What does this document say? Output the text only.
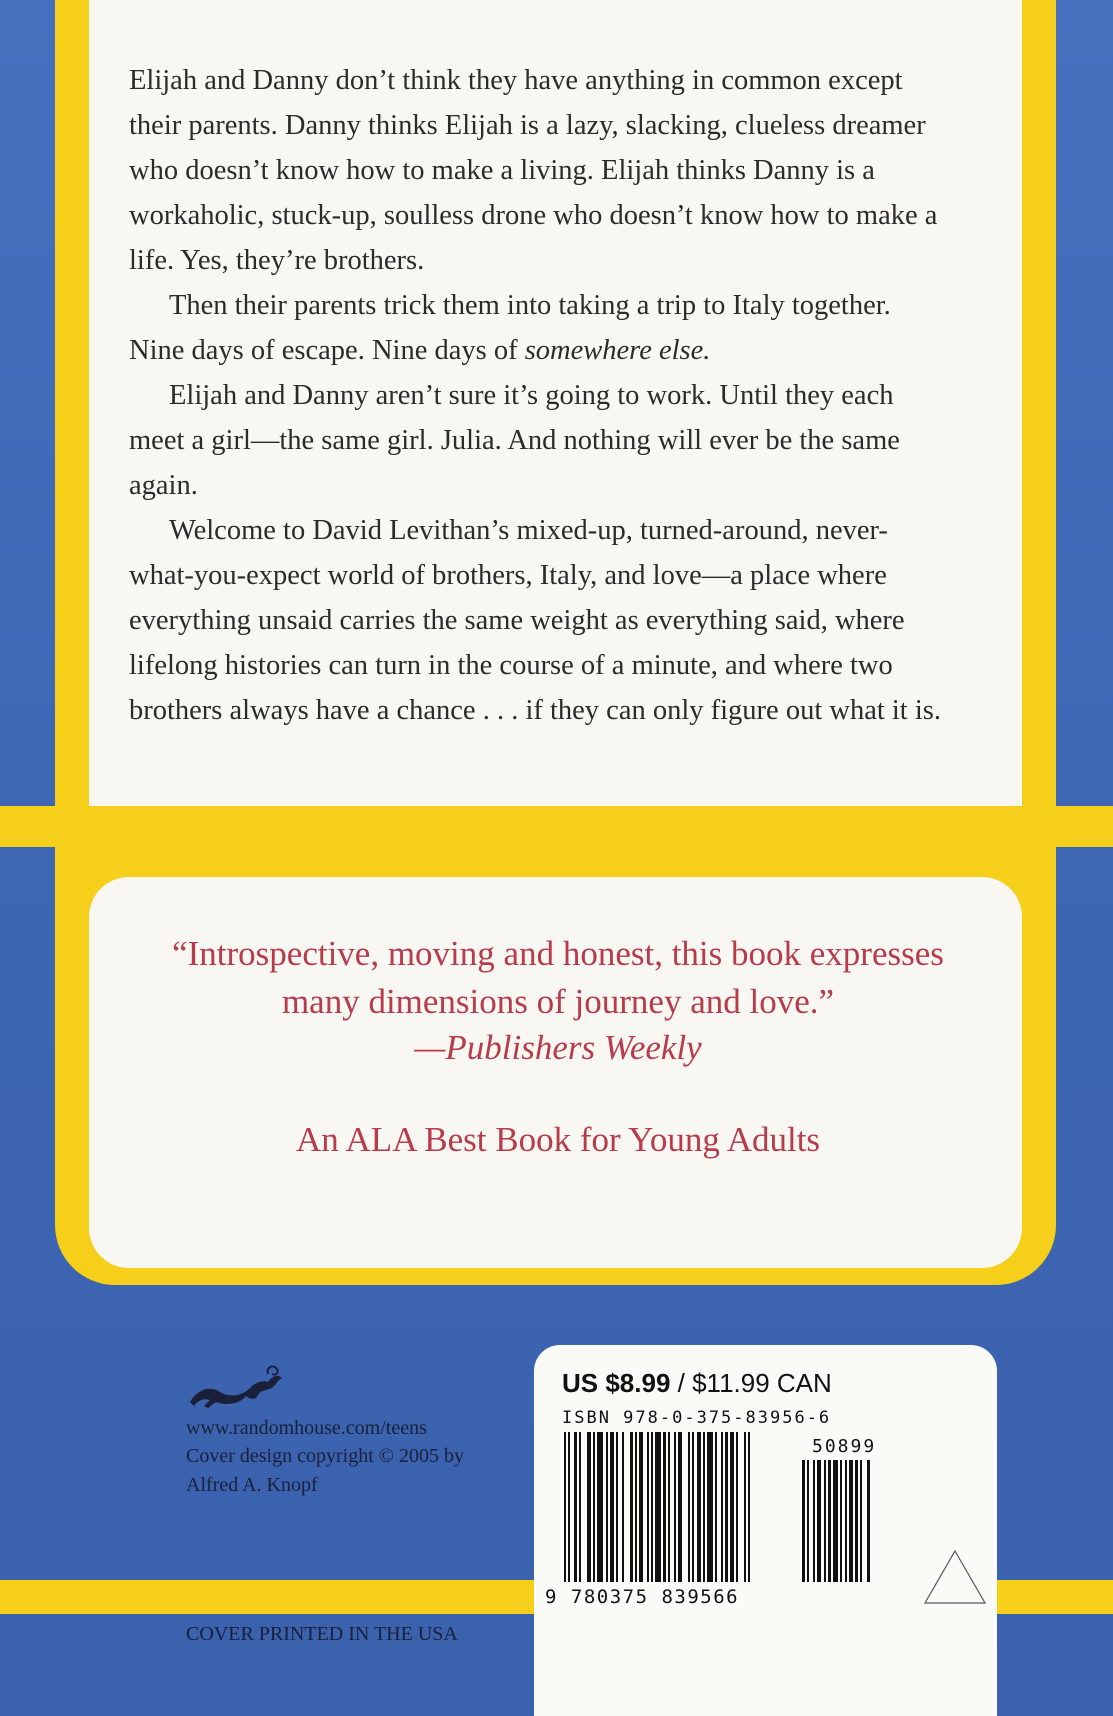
Elijah and Danny don’t think they have anything in common except their parents. Danny thinks Elijah is a lazy, slacking, clueless dreamer who doesn’t know how to make a living. Elijah thinks Danny is a workaholic, stuck-up, soulless drone who doesn’t know how to make a life. Yes, they’re brothers.

Then their parents trick them into taking a trip to Italy together. Nine days of escape. Nine days of somewhere else.

Elijah and Danny aren’t sure it’s going to work. Until they each meet a girl—the same girl. Julia. And nothing will ever be the same again.

Welcome to David Levithan’s mixed-up, turned-around, never-what-you-expect world of brothers, Italy, and love—a place where everything unsaid carries the same weight as everything said, where lifelong histories can turn in the course of a minute, and where two brothers always have a chance . . . if they can only figure out what it is.

“Introspective, moving and honest, this book expresses many dimensions of journey and love.”
—Publishers Weekly
An ALA Best Book for Young Adults
www.randomhouse.com/teens
Cover design copyright © 2005 by
Alfred A. Knopf
COVER PRINTED IN THE USA
US $8.99 / $11.99 CAN
ISBN 978-0-375-83956-6
50899
9 780375 839566
